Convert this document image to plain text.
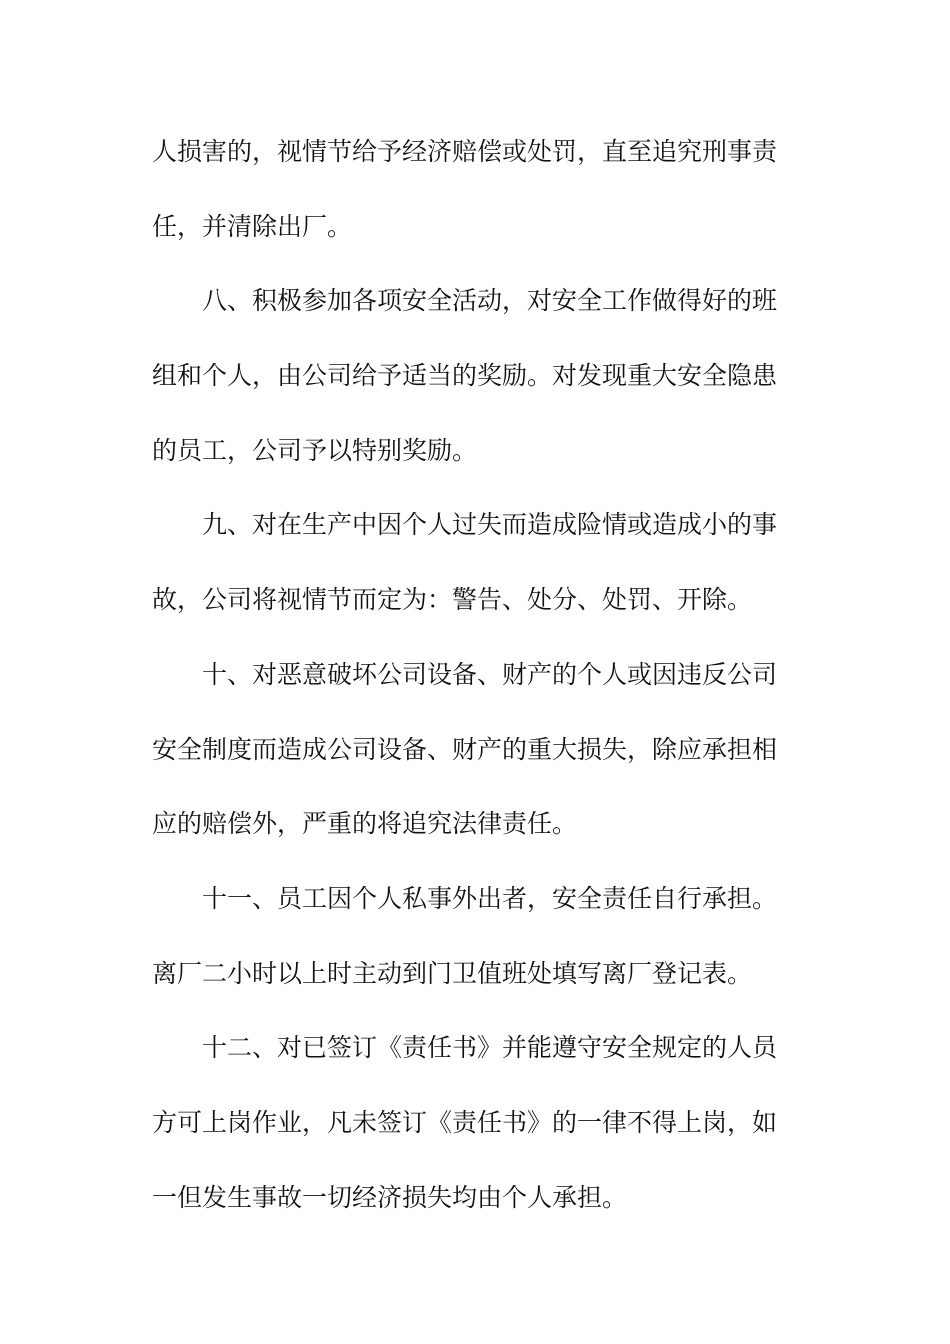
人损害的，视情节给予经济赔偿或处罚，直至追究刑事责
任，并清除出厂。
八、积极参加各项安全活动，对安全工作做得好的班
组和个人，由公司给予适当的奖励。对发现重大安全隐患
的员工，公司予以特别奖励。
九、对在生产中因个人过失而造成险情或造成小的事
故，公司将视情节而定为：警告、处分、处罚、开除。
十、对恶意破坏公司设备、财产的个人或因违反公司
安全制度而造成公司设备、财产的重大损失，除应承担相
应的赔偿外，严重的将追究法律责任。
十一、员工因个人私事外出者，安全责任自行承担。
离厂二小时以上时主动到门卫值班处填写离厂登记表。
十二、对已签订《责任书》并能遵守安全规定的人员
方可上岗作业，凡未签订《责任书》的一律不得上岗，如
一但发生事故一切经济损失均由个人承担。
